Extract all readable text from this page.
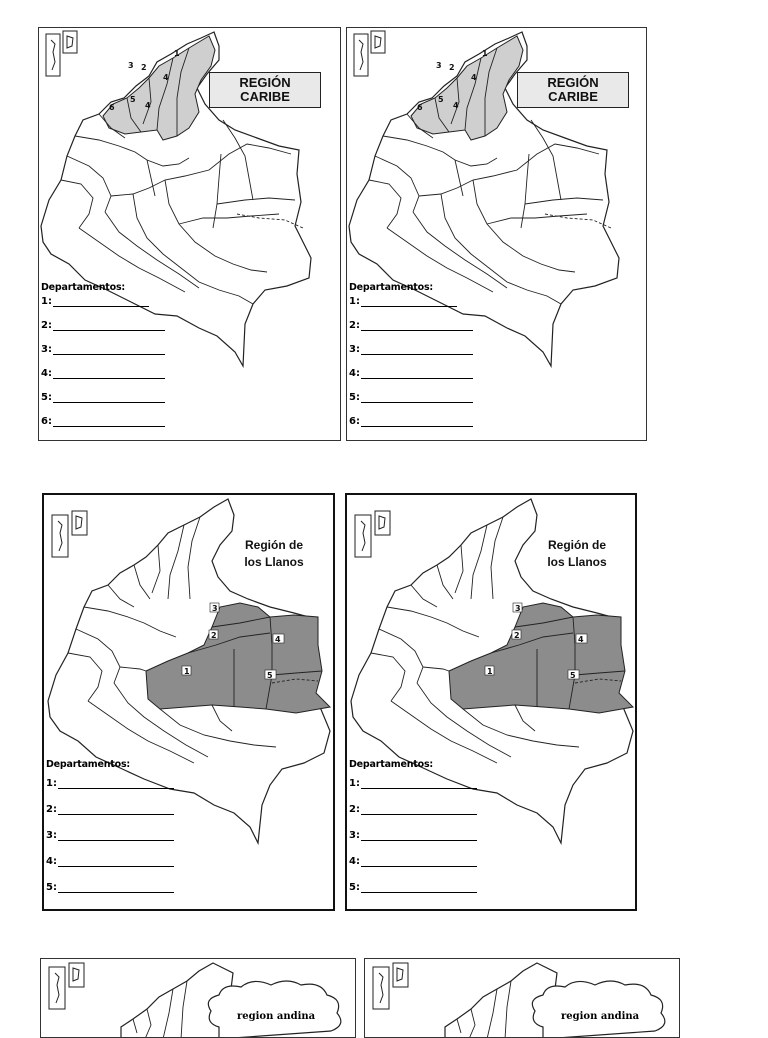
1
2
3
4
4
5
6
REGIÓN
CARIBE
Departamentos:
1:
2:
3:
4:
5:
6:
1
2
3
4
4
5
6
REGIÓN
CARIBE
Departamentos:
1:
2:
3:
4:
5:
6:
1
2
3
4
5
Región de
los Llanos
Departamentos:
1:
2:
3:
4:
5:
1
2
3
4
5
Región de
los Llanos
Departamentos:
1:
2:
3:
4:
5:
region andina	region andina
